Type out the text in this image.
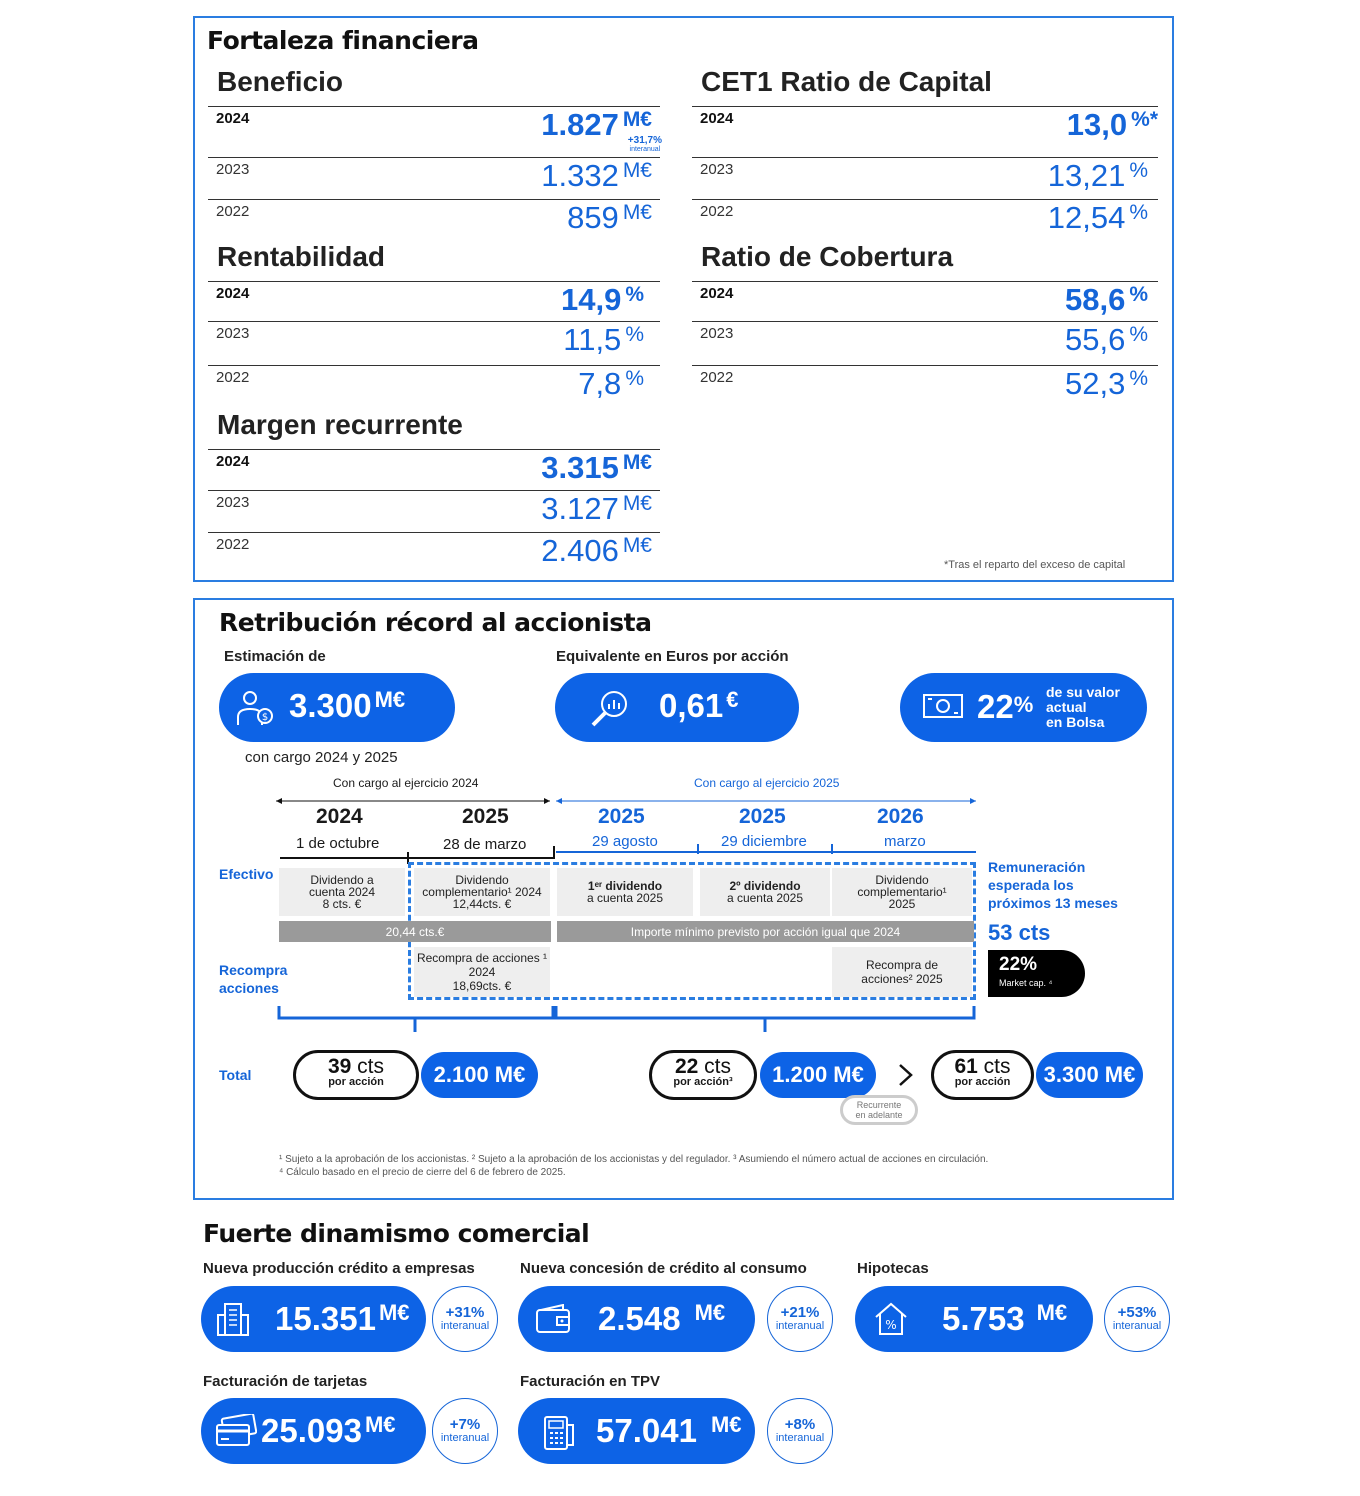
Fortaleza financiera
Beneficio
2024	1.827 $^{M€}$
+31,7%
interanual
2023	1.332 $^{M€}$
2022	859 $^{M€}$
CET1 Ratio de Capital
2024	13,0 %*
2023	13,21 %
2022	12,54 %
Rentabilidad
2024	14,9 %
2023	11,5 %
2022	7,8 %
Ratio de Cobertura
2024	58,6 %
2023	55,6 %
2022	52,3 %
Margen recurrente
2024	3.315 $^{M€}$
2023	3.127 $^{M€}$
2022	2.406 $^{M€}$
*Tras el reparto del exceso de capital
Retribución récord al accionista
Estimación de
$ 3.300 $^{M€}$
con cargo 2024 y 2025
Equivalente en Euros por acción
0,61 €	22% de su valor
actual
en Bolsa
Con cargo al ejercicio 2024	Con cargo al ejercicio 2025
2024
1 de octubre
2025
28 de marzo
2025
29 agosto
2025
29 diciembre
2026
marzo
Efectivo
Recompra
acciones
Dividendo a
cuenta 2024
8 cts. €
Dividendo
complementario¹ 2024
12,44cts. €
1ᵉʳ dividendo
a cuenta 2025
2º dividendo
a cuenta 2025
Dividendo
complementario¹
2025
20,44 cts.€	Importe mínimo previsto por acción igual que 2024
Recompra de acciones ¹
2024
18,69cts. €
Recompra de
acciones² 2025
Remuneración
esperada los
próximos 13 meses
53 cts
22%
Market cap. ⁴
Total	2.100 M€
39 cts
por acción	1.200 M€
22 cts
por acción³
Recurrente
en adelante
3.300 M€
61 cts
por acción
¹ Sujeto a la aprobación de los accionistas. ² Sujeto a la aprobación de los accionistas y del regulador. ³ Asumiendo el número actual de acciones en circulación.
⁴ Cálculo basado en el precio de cierre del 6 de febrero de 2025.
Fuerte dinamismo comercial
Nueva producción crédito a empresas
15.351 $^{M€}$	+31%
interanual
Nueva concesión de crédito al consumo
2.548 $^{M€}$	+21%
interanual
Hipotecas
% 5.753 $^{M€}$	+53%
interanual
Facturación de tarjetas
25.093 $^{M€}$	+7%
interanual
Facturación en TPV
57.041 $^{M€}$	+8%
interanual
